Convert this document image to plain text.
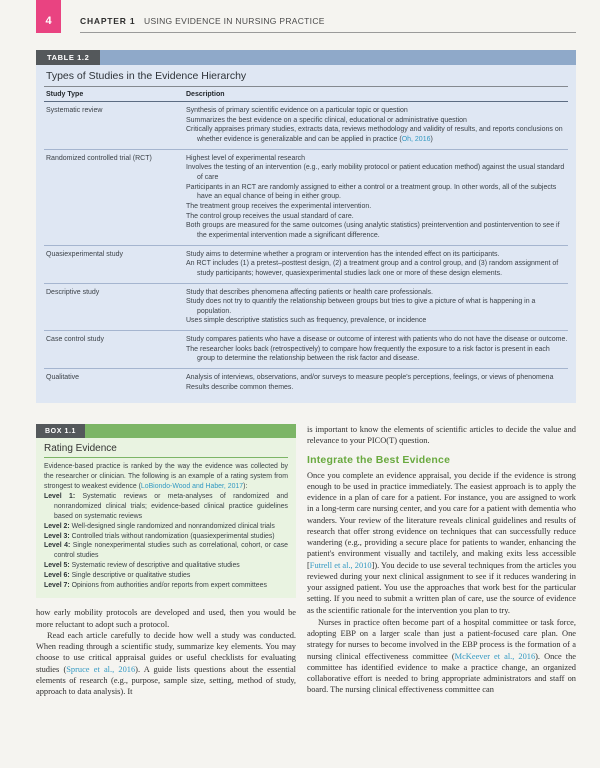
4	CHAPTER 1 USING EVIDENCE IN NURSING PRACTICE
TABLE 1.2
Types of Studies in the Evidence Hierarchy
Study Type	Description
Systematic review	Synthesis of primary scientific evidence on a particular topic or question
Summarizes the best evidence on a specific clinical, educational or administrative question
Critically appraises primary studies, extracts data, reviews methodology and validity of results, and reports conclusions on whether evidence is generalizable and can be applied in practice (Oh, 2016)
Randomized controlled trial (RCT)	Highest level of experimental research
Involves the testing of an intervention (e.g., early mobility protocol or patient education method) against the usual standard of care
Participants in an RCT are randomly assigned to either a control or a treatment group. In other words, all of the subjects have an equal chance of being in either group.
The treatment group receives the experimental intervention.
The control group receives the usual standard of care.
Both groups are measured for the same outcomes (using analytic statistics) preintervention and postintervention to see if the experimental intervention made a significant difference.
Quasiexperimental study	Study aims to determine whether a program or intervention has the intended effect on its participants.
An RCT includes (1) a pretest–posttest design, (2) a treatment group and a control group, and (3) random assignment of study participants; however, quasiexperimental studies lack one or more of these design elements.
Descriptive study	Study that describes phenomena affecting patients or health care professionals.
Study does not try to quantify the relationship between groups but tries to give a picture of what is happening in a population.
Uses simple descriptive statistics such as frequency, prevalence, or incidence
Case control study	Study compares patients who have a disease or outcome of interest with patients who do not have the disease or outcome.
The researcher looks back (retrospectively) to compare how frequently the exposure to a risk factor is present in each group to determine the relationship between the risk factor and disease.
Qualitative	Analysis of interviews, observations, and/or surveys to measure people's perceptions, feelings, or views of phenomena
Results describe common themes.
BOX 1.1
Rating Evidence

Evidence-based practice is ranked by the way the evidence was collected by the researcher or clinician. The following is an example of a rating system from strongest to weakest evidence (LoBiondo-Wood and Haber, 2017):

Level 1: Systematic reviews or meta-analyses of randomized and nonrandomized clinical trials; evidence-based clinical practice guidelines based on systematic reviews
Level 2: Well-designed single randomized and nonrandomized clinical trials
Level 3: Controlled trials without randomization (quasiexperimental studies)
Level 4: Single nonexperimental studies such as correlational, cohort, or case control studies
Level 5: Systematic review of descriptive and qualitative studies
Level 6: Single descriptive or qualitative studies
Level 7: Opinions from authorities and/or reports from expert committees

how early mobility protocols are developed and used, then you would be more reluctant to adopt such a protocol.

Read each article carefully to decide how well a study was conducted. When reading through a scientific study, summarize key elements. You may choose to use critical appraisal guides or useful checklists for evaluating studies (Spruce et al., 2016). A guide lists questions about the essential elements of research (e.g., purpose, sample size, setting, method of study, approach to data analysis). It

is important to know the elements of scientific articles to decide the value and relevance to your PICO(T) question.

Integrate the Best Evidence

Once you complete an evidence appraisal, you decide if the evidence is strong enough to be used in practice immediately. The easiest approach is to apply the evidence in a plan of care for a patient. For instance, you are assigned to work in a long-term care nursing center, and you care for a patient with dementia who wanders. Your review of the literature reveals clinical guidelines and results of research that offer strong evidence on techniques that can successfully reduce wandering (e.g., providing a secure place for patients to wander, enhancing the patient's environment visually and tactilely, and making exits less accessible [Futrell et al., 2010]). You decide to use several techniques from the articles you reviewed during your next clinical assignment to see if it reduces wandering in your assigned patient. You use the approaches that work best for the particular setting. If you need to submit a written plan of care, use the source of evidence as the scientific rationale for the intervention you plan to try.

Nurses in practice often become part of a hospital committee or task force, adopting EBP on a larger scale than just a patient-focused care plan. One strategy for nurses to become involved in the EBP process is the formation of a nursing clinical effectiveness committee (McKeever et al., 2016). Once the committee has identified evidence to make a practice change, an organized collaborative effort is needed to bring appropriate administrators and staff on board. The nursing clinical effectiveness committee can
